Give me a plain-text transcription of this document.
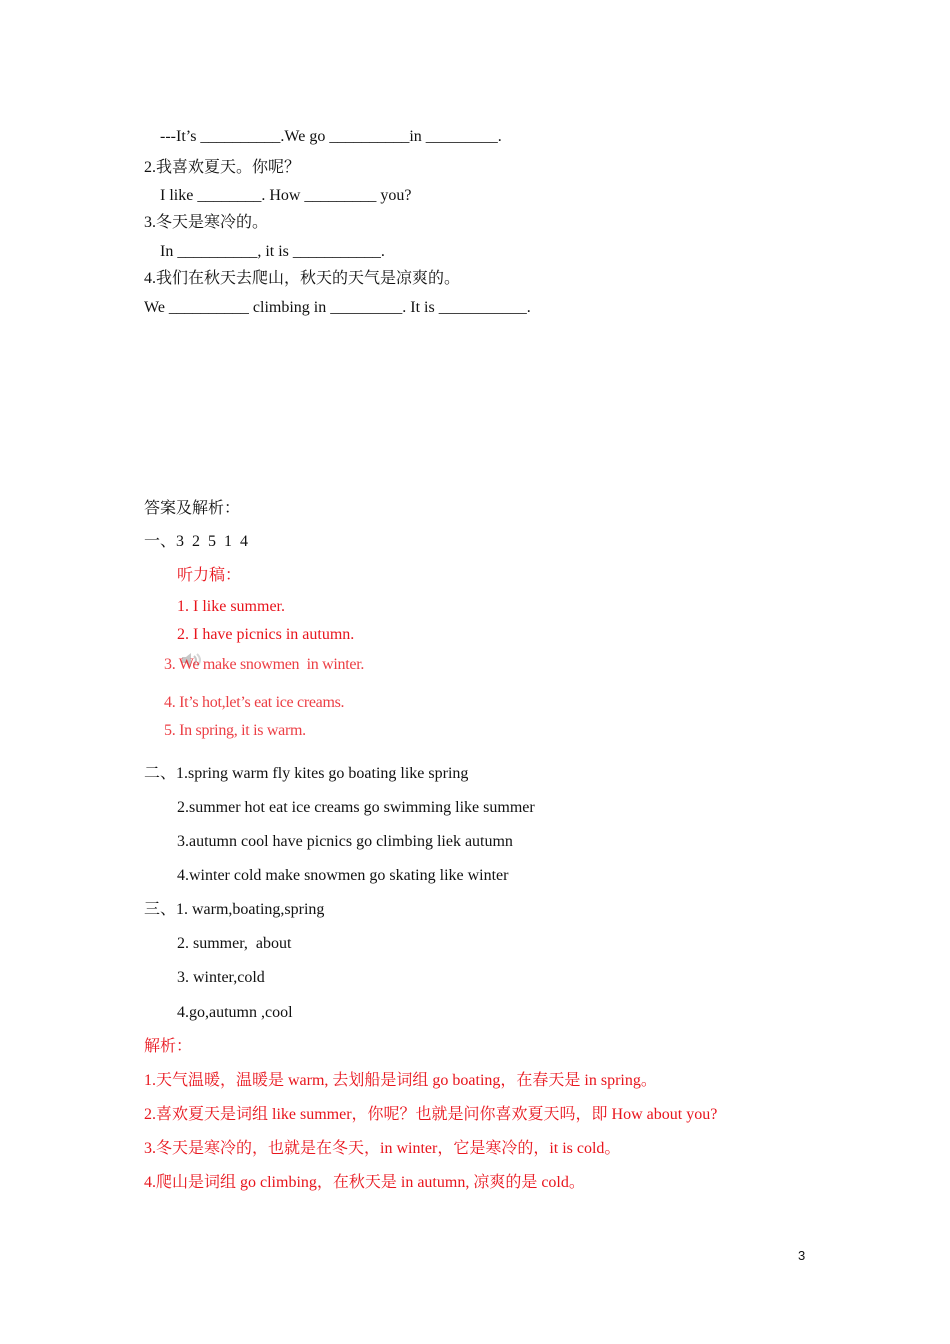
---It’s __________.We go __________in _________.
2.我喜欢夏天。你呢？
I like ________. How _________ you?
3.冬天是寒冷的。
In __________, it is ___________.
4.我们在秋天去爬山，秋天的天气是凉爽的。
We __________ climbing in _________. It is ___________.
答案及解析：
一、3  2  5  1  4
听力稿：
1. I like summer.
2. I have picnics in autumn.
3. We make snowmen  in winter.
4. It’s hot,let’s eat ice creams.
5. In spring, it is warm.
二、1.spring warm fly kites go boating like spring
2.summer hot eat ice creams go swimming like summer
3.autumn cool have picnics go climbing liek autumn
4.winter cold make snowmen go skating like winter
三、1. warm,boating,spring
2. summer,  about
3. winter,cold
4.go,autumn ,cool
解析：
1.天气温暖，温暖是 warm, 去划船是词组 go boating，在春天是 in spring。
2.喜欢夏天是词组 like summer，你呢？也就是问你喜欢夏天吗，即 How about you?
3.冬天是寒冷的，也就是在冬天，in winter，它是寒冷的，it is cold。
4.爬山是词组 go climbing，在秋天是 in autumn, 凉爽的是 cold。
3
